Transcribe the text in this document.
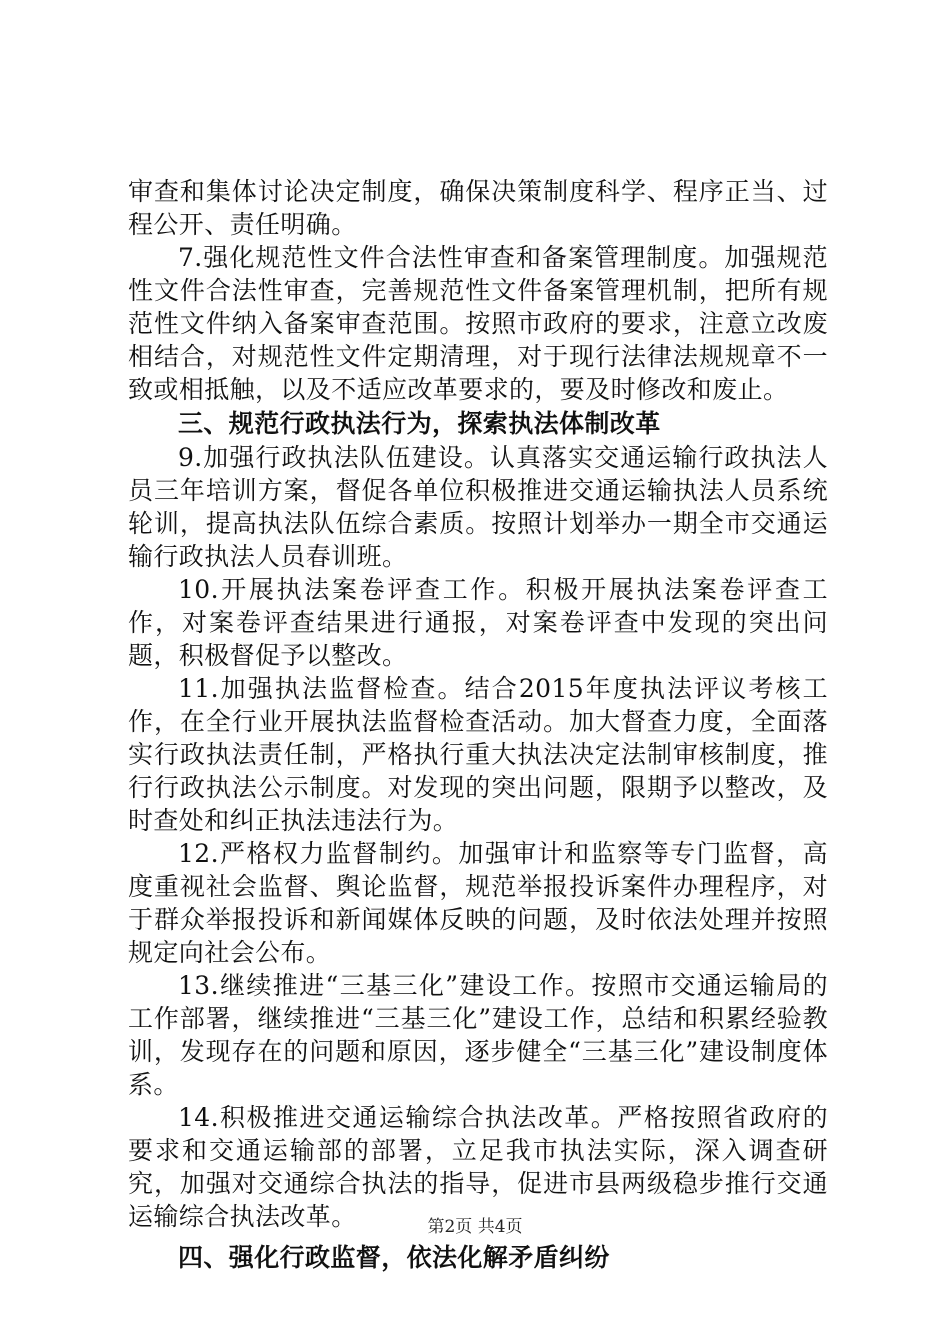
审查和集体讨论决定制度，确保决策制度科学、程序正当、过程公开、责任明确。

7.强化规范性文件合法性审查和备案管理制度。加强规范性文件合法性审查，完善规范性文件备案管理机制，把所有规范性文件纳入备案审查范围。按照市政府的要求，注意立改废相结合，对规范性文件定期清理，对于现行法律法规规章不一致或相抵触，以及不适应改革要求的，要及时修改和废止。

三、规范行政执法行为，探索执法体制改革

9.加强行政执法队伍建设。认真落实交通运输行政执法人员三年培训方案，督促各单位积极推进交通运输执法人员系统轮训，提高执法队伍综合素质。按照计划举办一期全市交通运输行政执法人员春训班。

10.开展执法案卷评查工作。积极开展执法案卷评查工作，对案卷评查结果进行通报，对案卷评查中发现的突出问题，积极督促予以整改。

11.加强执法监督检查。结合2015年度执法评议考核工作，在全行业开展执法监督检查活动。加大督查力度，全面落实行政执法责任制，严格执行重大执法决定法制审核制度，推行行政执法公示制度。对发现的突出问题，限期予以整改，及时查处和纠正执法违法行为。

12.严格权力监督制约。加强审计和监察等专门监督，高度重视社会监督、舆论监督，规范举报投诉案件办理程序，对于群众举报投诉和新闻媒体反映的问题，及时依法处理并按照规定向社会公布。

13.继续推进“三基三化”建设工作。按照市交通运输局的工作部署，继续推进“三基三化”建设工作，总结和积累经验教训，发现存在的问题和原因，逐步健全“三基三化”建设制度体系。

14.积极推进交通运输综合执法改革。严格按照省政府的要求和交通运输部的部署，立足我市执法实际，深入调查研究，加强对交通综合执法的指导，促进市县两级稳步推行交通运输综合执法改革。

四、强化行政监督，依法化解矛盾纠纷
第2页 共4页
